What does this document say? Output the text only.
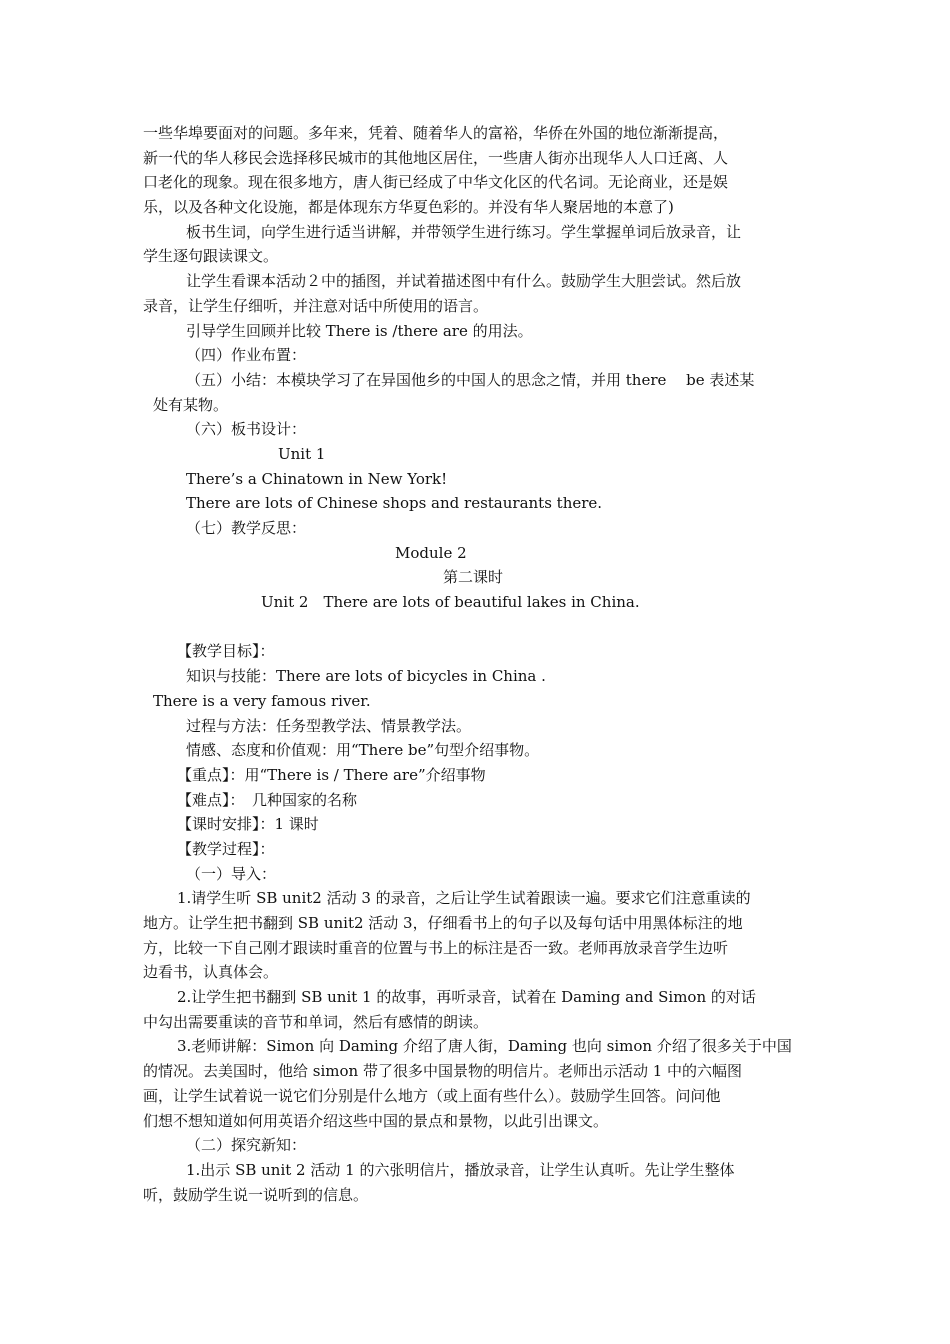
一些华埠要面对的问题。多年来，凭着、随着华人的富裕，华侨在外国的地位渐渐提高，
新一代的华人移民会选择移民城市的其他地区居住，一些唐人街亦出现华人人口迁离、人
口老化的现象。现在很多地方，唐人街已经成了中华文化区的代名词。无论商业，还是娱
乐，以及各种文化设施，都是体现东方华夏色彩的。并没有华人聚居地的本意了)
板书生词，向学生进行适当讲解，并带领学生进行练习。学生掌握单词后放录音，让
学生逐句跟读课文。
让学生看课本活动２中的插图，并试着描述图中有什么。鼓励学生大胆尝试。然后放
录音，让学生仔细听，并注意对话中所使用的语言。
引导学生回顾并比较 There is /there are 的用法。
（四）作业布置：
（五）小结：本模块学习了在异国他乡的中国人的思念之情，并用 there　 be 表述某
处有某物。
（六）板书设计：
Unit 1
There’s a Chinatown in New York!
There are lots of Chinese shops and restaurants there.
（七）教学反思：
Module 2
第二课时
Unit 2　There are lots of beautiful lakes in China.
【教学目标】：
知识与技能：There are lots of bicycles in China .
There is a very famous river.
过程与方法：任务型教学法、情景教学法。
情感、态度和价值观：用“There be”句型介绍事物。
【重点】：用“There is / There are”介绍事物
【难点】：　几种国家的名称
【课时安排】：1 课时
【教学过程】：
（一）导入：
1.请学生听 SB unit2 活动 3 的录音，之后让学生试着跟读一遍。要求它们注意重读的
地方。让学生把书翻到 SB unit2 活动 3，仔细看书上的句子以及每句话中用黑体标注的地
方，比较一下自己刚才跟读时重音的位置与书上的标注是否一致。老师再放录音学生边听
边看书，认真体会。
2.让学生把书翻到 SB unit 1 的故事，再听录音，试着在 Daming and Simon 的对话
中勾出需要重读的音节和单词，然后有感情的朗读。
3.老师讲解：Simon 向 Daming 介绍了唐人街，Daming 也向 simon 介绍了很多关于中国
的情况。去美国时，他给 simon 带了很多中国景物的明信片。老师出示活动 1 中的六幅图
画，让学生试着说一说它们分别是什么地方（或上面有些什么）。鼓励学生回答。问问他
们想不想知道如何用英语介绍这些中国的景点和景物，以此引出课文。
（二）探究新知：
1.出示 SB unit 2 活动 1 的六张明信片，播放录音，让学生认真听。先让学生整体
听，鼓励学生说一说听到的信息。
